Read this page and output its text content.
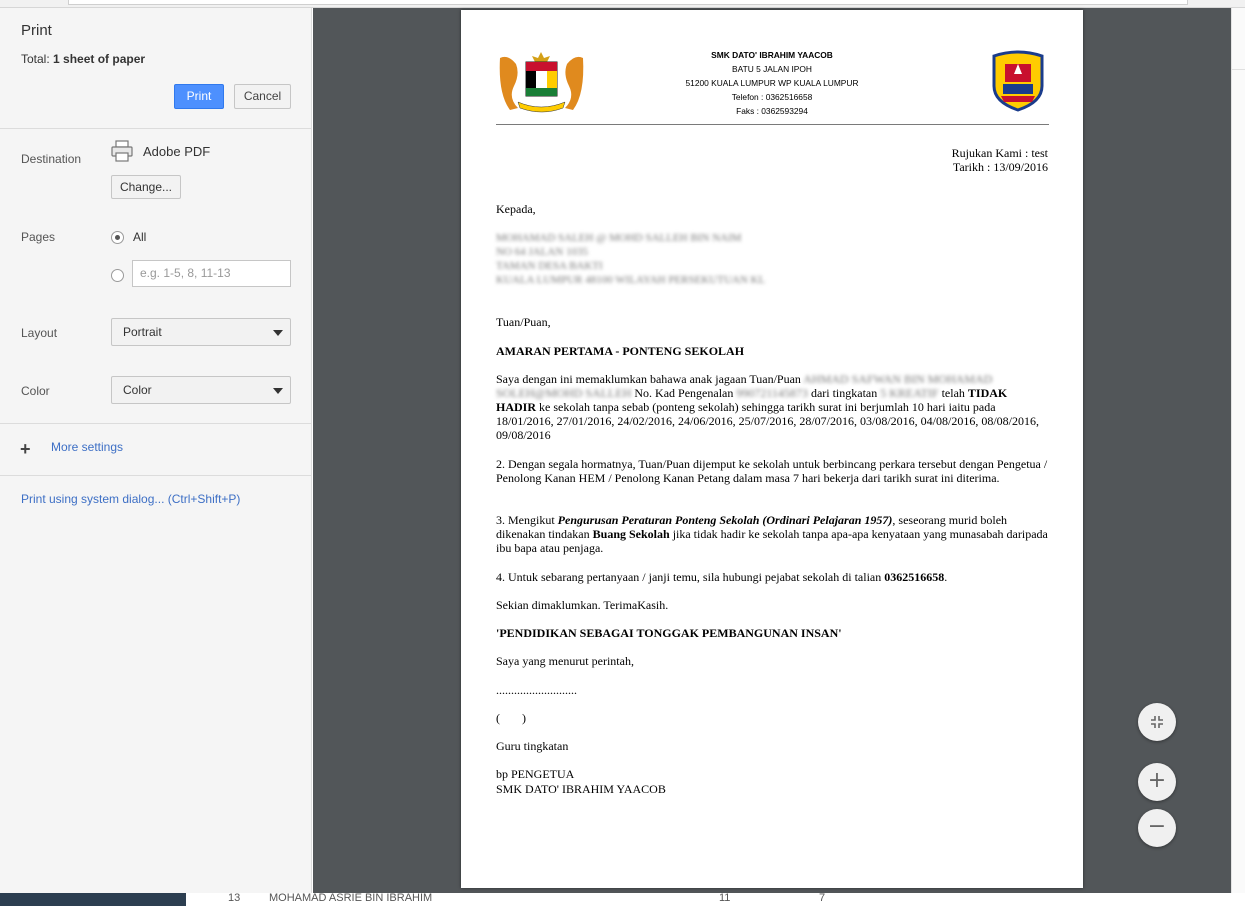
13	MOHAMAD ASRIE BIN IBRAHIM	11	7
Print
Total: 1 sheet of paper
Print	Cancel
Destination	Adobe PDF
Change...
Pages	All
e.g. 1-5, 8, 11-13
Layout	Portrait
Color	Color
+ More settings
Print using system dialog... (Ctrl+Shift+P)
SMK DATO' IBRAHIM YAACOB
BATU 5 JALAN IPOH
51200 KUALA LUMPUR WP KUALA LUMPUR
Telefon : 0362516658
Faks : 0362593294
Rujukan Kami : test
Tarikh : 13/09/2016
Kepada,
MOHAMAD SALEH @ MOHD SALLEH BIN NAIM
NO 64 JALAN 1035
TAMAN DESA BAKTI
KUALA LUMPUR 48100 WILAYAH PERSEKUTUAN KL
Tuan/Puan,
AMARAN PERTAMA - PONTENG SEKOLAH
Saya dengan ini memaklumkan bahawa anak jagaan Tuan/Puan AHMAD SAFWAN BIN MOHAMAD SOLEH@MOHD SALLEH No. Kad Pengenalan 990721145873 dari tingkatan 5 KREATIF telah TIDAK HADIR ke sekolah tanpa sebab (ponteng sekolah) sehingga tarikh surat ini berjumlah 10 hari iaitu pada 18/01/2016, 27/01/2016, 24/02/2016, 24/06/2016, 25/07/2016, 28/07/2016, 03/08/2016, 04/08/2016, 08/08/2016, 09/08/2016
2. Dengan segala hormatnya, Tuan/Puan dijemput ke sekolah untuk berbincang perkara tersebut dengan Pengetua / Penolong Kanan HEM / Penolong Kanan Petang dalam masa 7 hari bekerja dari tarikh surat ini diterima.
3. Mengikut Pengurusan Peraturan Ponteng Sekolah (Ordinari Pelajaran 1957), seseorang murid boleh dikenakan tindakan Buang Sekolah jika tidak hadir ke sekolah tanpa apa-apa kenyataan yang munasabah daripada ibu bapa atau penjaga.
4. Untuk sebarang pertanyaan / janji temu, sila hubungi pejabat sekolah di talian 0362516658.
Sekian dimaklumkan. TerimaKasih.
'PENDIDIKAN SEBAGAI TONGGAK PEMBANGUNAN INSAN'
Saya yang menurut perintah,
...........................
( )
Guru tingkatan
bp PENGETUA
SMK DATO' IBRAHIM YAACOB	+
−
